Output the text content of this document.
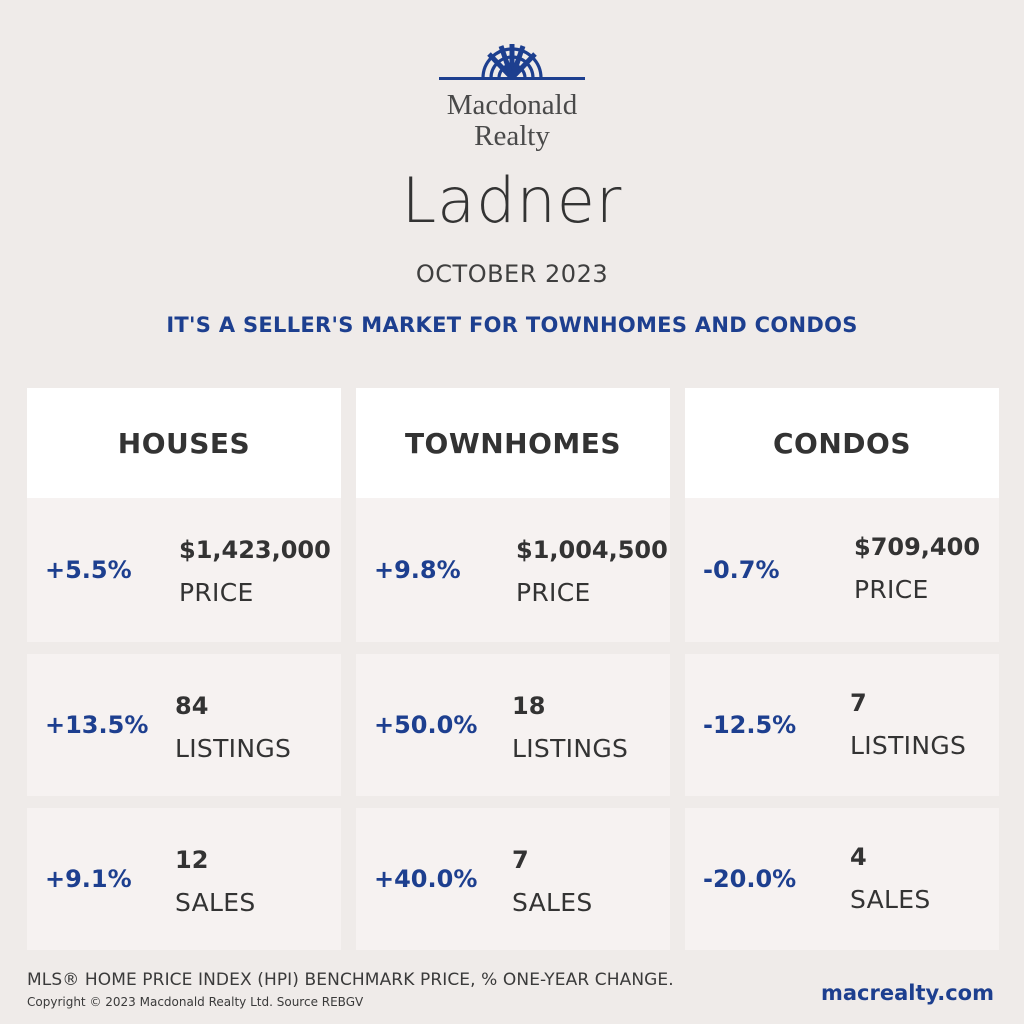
Macdonald
Realty
Ladner
OCTOBER 2023
IT'S A SELLER'S MARKET FOR TOWNHOMES AND CONDOS
HOUSES
+5.5%
$1,423,000
PRICE
+13.5%
84
LISTINGS
+9.1%
12
SALES
TOWNHOMES
+9.8%
$1,004,500
PRICE
+50.0%
18
LISTINGS
+40.0%
7
SALES
CONDOS
-0.7%
$709,400
PRICE
-12.5%
7
LISTINGS
-20.0%
4
SALES
MLS® HOME PRICE INDEX (HPI) BENCHMARK PRICE, % ONE-YEAR CHANGE.
Copyright © 2023 Macdonald Realty Ltd. Source REBGV	macrealty.com
